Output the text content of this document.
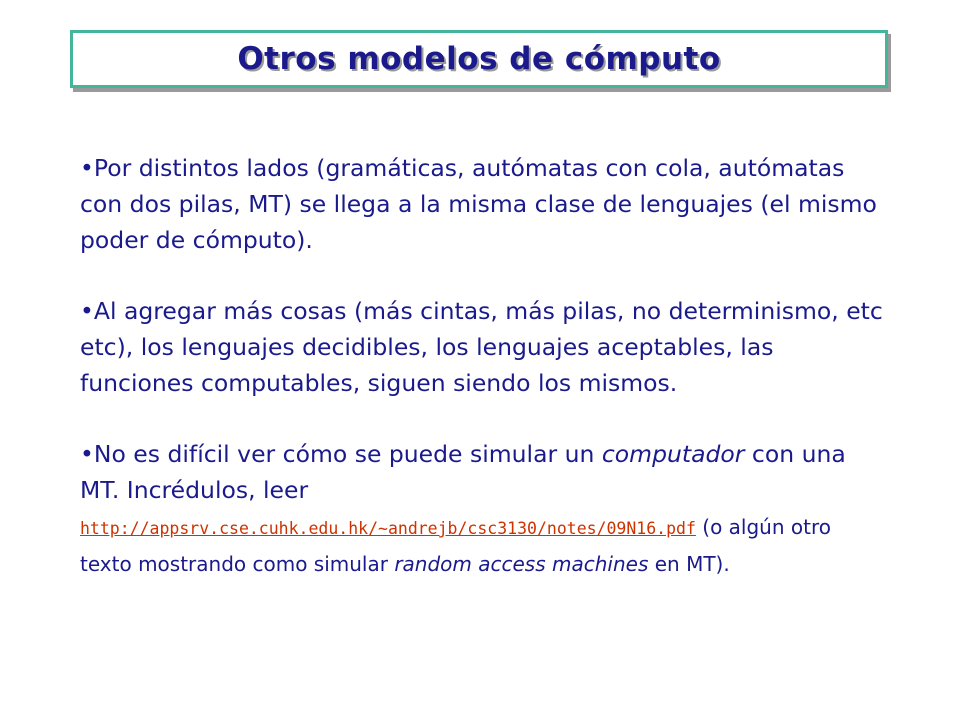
Otros modelos de cómputo

•Por distintos lados (gramáticas, autómatas con cola, autómatas con dos pilas, MT) se llega a la misma clase de lenguajes (el mismo poder de cómputo).

•Al agregar más cosas (más cintas, más pilas, no determinismo, etc etc), los lenguajes decidibles, los lenguajes aceptables, las funciones computables, siguen siendo los mismos.

•No es difícil ver cómo se puede simular un computador con una MT. Incrédulos, leer
http://appsrv.cse.cuhk.edu.hk/~andrejb/csc3130/notes/09N16.pdf (o algún otro texto mostrando como simular random access machines en MT).
